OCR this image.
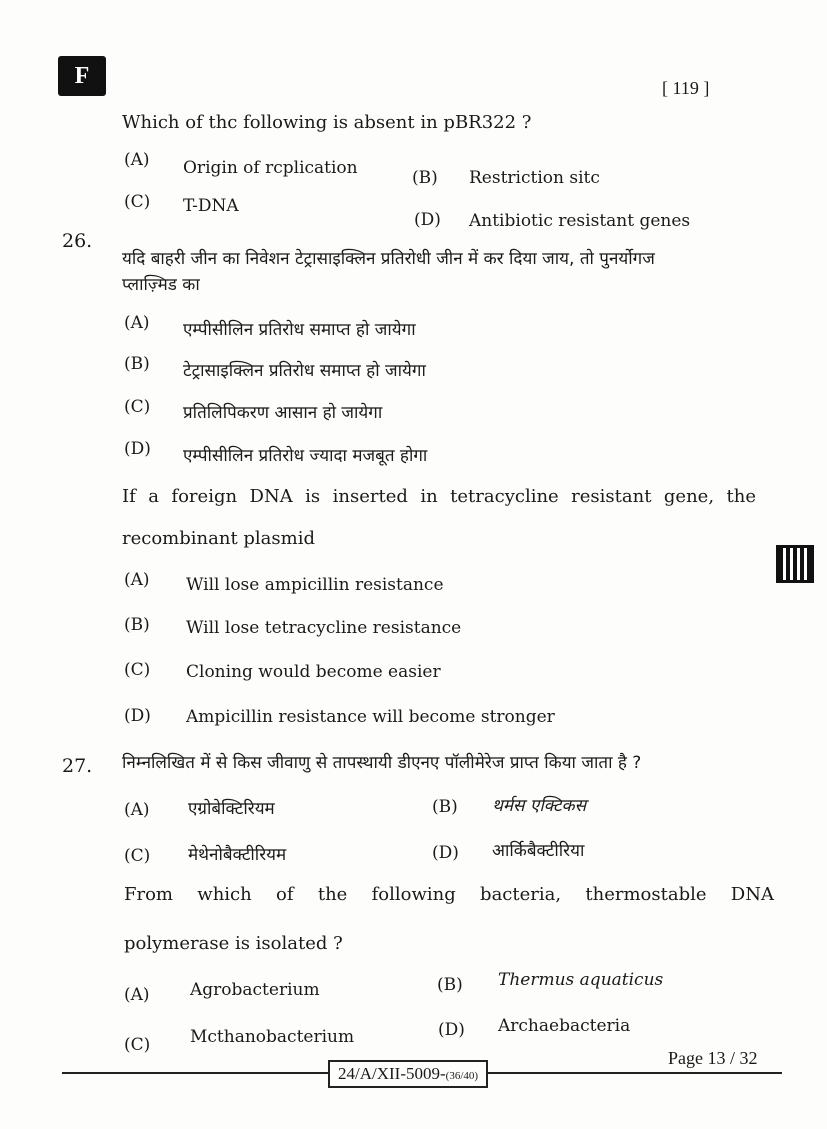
F	[ 119 ]
Which of thc following is absent in pBR322 ?
(A) Origin of rcplication	(B) Restriction sitc
(C) T-DNA
(D) Antibiotic resistant genes
26.
यदि बाहरी जीन का निवेशन टेट्रासाइक्लिन प्रतिरोधी जीन में कर दिया जाय, तो पुनर्योगज
प्लाज़्मिड का
(A) एम्पीसीलिन प्रतिरोध समाप्त हो जायेगा
(B) टेट्रासाइक्लिन प्रतिरोध समाप्त हो जायेगा
(C) प्रतिलिपिकरण आसान हो जायेगा
(D) एम्पीसीलिन प्रतिरोध ज्यादा मजबूत होगा
If a foreign DNA is inserted in tetracycline resistant gene, the
recombinant plasmid
(A) Will lose ampicillin resistance
(B) Will lose tetracycline resistance
(C) Cloning would become easier
(D) Ampicillin resistance will become stronger
27. निम्नलिखित में से किस जीवाणु से तापस्थायी डीएनए पॉलीमेरेज प्राप्त किया जाता है ?
(A) एग्रोबेक्टिरियम	(B) थर्मस एक्टिकस
(C) मेथेनोबैक्टीरियम	(D) आर्किबैक्टीरिया
From which of the following bacteria, thermostable DNA
polymerase is isolated ?
(A) Agrobacterium	(B) Thermus aquaticus
(C) Mcthanobacterium	(D) Archaebacteria
24/A/XII-5009-(36/40)
Page 13 / 32
